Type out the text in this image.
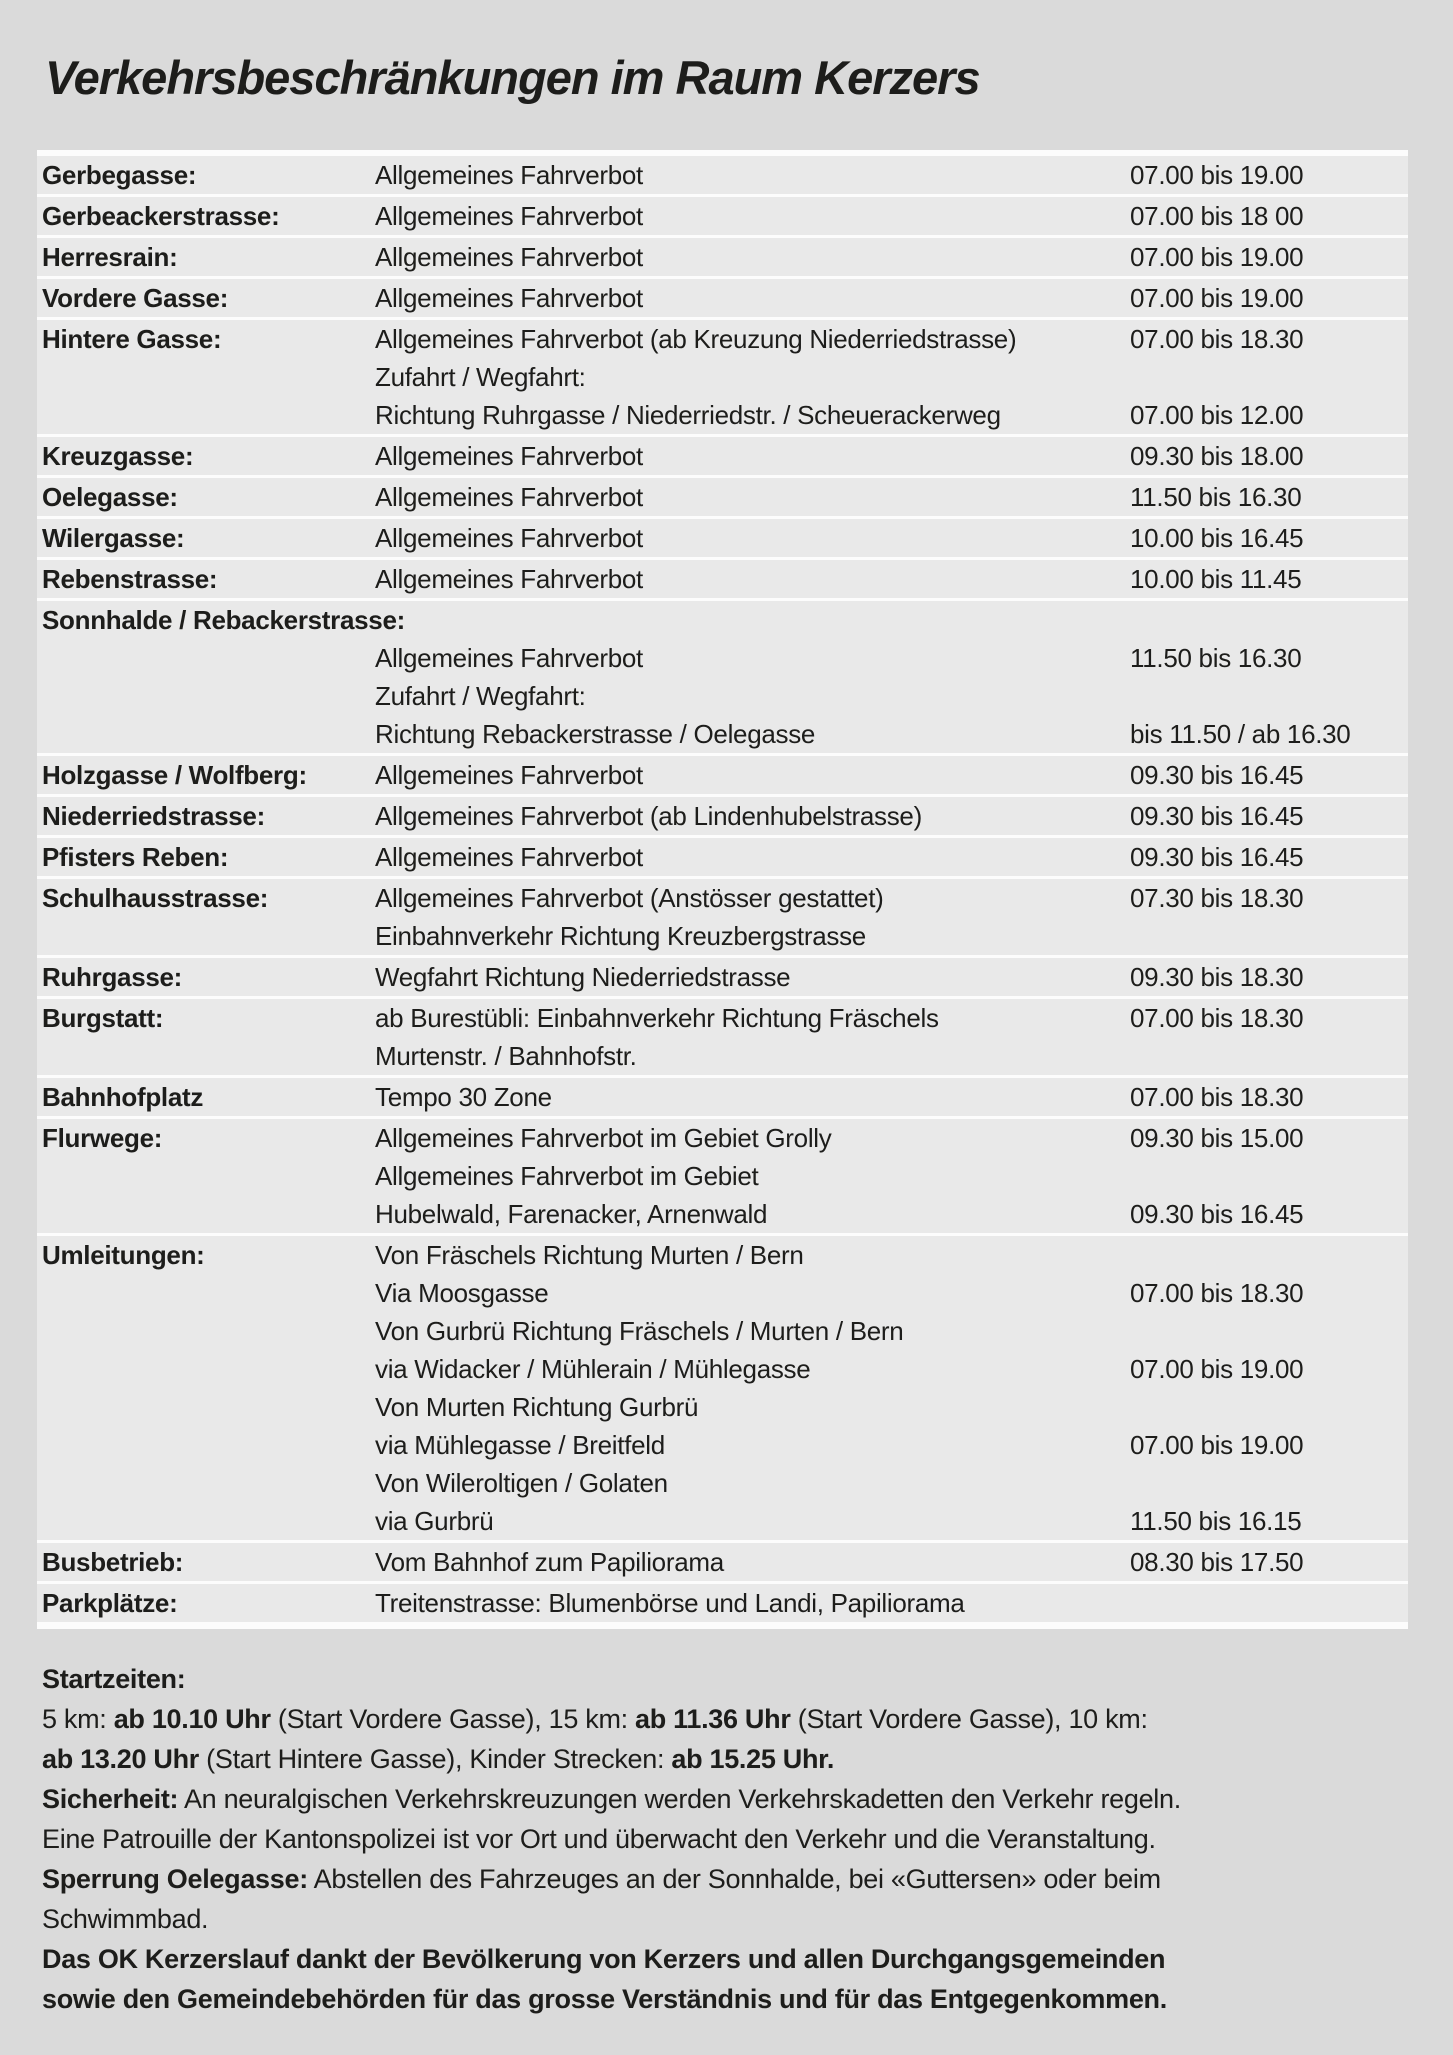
Verkehrsbeschränkungen im Raum Kerzers
Gerbegasse:	Allgemeines Fahrverbot	07.00 bis 19.00
Gerbeackerstrasse:	Allgemeines Fahrverbot	07.00 bis 18 00
Herresrain:	Allgemeines Fahrverbot	07.00 bis 19.00
Vordere Gasse:	Allgemeines Fahrverbot	07.00 bis 19.00
Hintere Gasse:	Allgemeines Fahrverbot (ab Kreuzung Niederriedstrasse)	07.00 bis 18.30
Zufahrt / Wegfahrt:
Richtung Ruhrgasse / Niederriedstr. / Scheuerackerweg	07.00 bis 12.00
Kreuzgasse:	Allgemeines Fahrverbot	09.30 bis 18.00
Oelegasse:	Allgemeines Fahrverbot	11.50 bis 16.30
Wilergasse:	Allgemeines Fahrverbot	10.00 bis 16.45
Rebenstrasse:	Allgemeines Fahrverbot	10.00 bis 11.45
Sonnhalde / Rebackerstrasse:
Allgemeines Fahrverbot	11.50 bis 16.30
Zufahrt / Wegfahrt:
Richtung Rebackerstrasse / Oelegasse	bis 11.50 / ab 16.30
Holzgasse / Wolfberg:	Allgemeines Fahrverbot	09.30 bis 16.45
Niederriedstrasse:	Allgemeines Fahrverbot (ab Lindenhubelstrasse)	09.30 bis 16.45
Pfisters Reben:	Allgemeines Fahrverbot	09.30 bis 16.45
Schulhausstrasse:	Allgemeines Fahrverbot (Anstösser gestattet)	07.30 bis 18.30
Einbahnverkehr Richtung Kreuzbergstrasse
Ruhrgasse:	Wegfahrt Richtung Niederriedstrasse	09.30 bis 18.30
Burgstatt:	ab Burestübli: Einbahnverkehr Richtung Fräschels	07.00 bis 18.30
Murtenstr. / Bahnhofstr.
Bahnhofplatz	Tempo 30 Zone	07.00 bis 18.30
Flurwege:	Allgemeines Fahrverbot im Gebiet Grolly	09.30 bis 15.00
Allgemeines Fahrverbot im Gebiet
Hubelwald, Farenacker, Arnenwald	09.30 bis 16.45
Umleitungen:	Von Fräschels Richtung Murten / Bern
Via Moosgasse	07.00 bis 18.30
Von Gurbrü Richtung Fräschels / Murten / Bern
via Widacker / Mühlerain / Mühlegasse	07.00 bis 19.00
Von Murten Richtung Gurbrü
via Mühlegasse / Breitfeld	07.00 bis 19.00
Von Wileroltigen / Golaten
via Gurbrü	11.50 bis 16.15
Busbetrieb:	Vom Bahnhof zum Papiliorama	08.30 bis 17.50
Parkplätze:	Treitenstrasse: Blumenbörse und Landi, Papiliorama

Startzeiten:

5 km: ab 10.10 Uhr (Start Vordere Gasse), 15 km: ab 11.36 Uhr (Start Vordere Gasse), 10 km:
ab 13.20 Uhr (Start Hintere Gasse), Kinder Strecken: ab 15.25 Uhr.

Sicherheit: An neuralgischen Verkehrskreuzungen werden Verkehrskadetten den Verkehr regeln.
Eine Patrouille der Kantonspolizei ist vor Ort und überwacht den Verkehr und die Veranstaltung.

Sperrung Oelegasse: Abstellen des Fahrzeuges an der Sonnhalde, bei «Guttersen» oder beim
Schwimmbad.

Das OK Kerzerslauf dankt der Bevölkerung von Kerzers und allen Durchgangsgemeinden
sowie den Gemeindebehörden für das grosse Verständnis und für das Entgegenkommen.
